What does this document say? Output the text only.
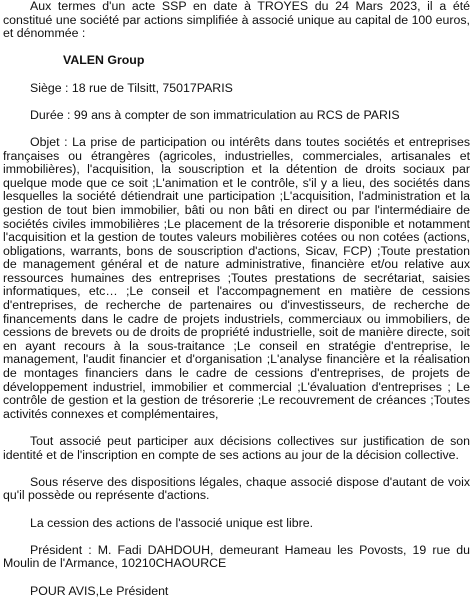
Aux termes d'un acte SSP en date à TROYES du 24 Mars 2023, il a été constitué une société par actions simplifiée à associé unique au capital de 100 euros, et dénommée :

VALEN Group

Siège : 18 rue de Tilsitt, 75017PARIS

Durée : 99 ans à compter de son immatriculation au RCS de PARIS

Objet : La prise de participation ou intérêts dans toutes sociétés et entreprises françaises ou étrangères (agricoles, industrielles, commerciales, artisanales et immobilières), l'acquisition, la souscription et la détention de droits sociaux par quelque mode que ce soit ;L'animation et le contrôle, s'il y a lieu, des sociétés dans lesquelles la société détiendrait une participation ;L'acquisition, l'administration et la gestion de tout bien immobilier, bâti ou non bâti en direct ou par l'intermédiaire de sociétés civiles immobilières ;Le placement de la trésorerie disponible et notamment l'acquisition et la gestion de toutes valeurs mobilières cotées ou non cotées (actions, obligations, warrants, bons de souscription d'actions, Sicav, FCP) ;Toute prestation de management général et de nature administrative, financière et/ou relative aux ressources humaines des entreprises ;Toutes prestations de secrétariat, saisies informatiques, etc… ;Le conseil et l'accompagnement en matière de cessions d'entreprises, de recherche de partenaires ou d'investisseurs, de recherche de financements dans le cadre de projets industriels, commerciaux ou immobiliers, de cessions de brevets ou de droits de propriété industrielle, soit de manière directe, soit en ayant recours à la sous-traitance ;Le conseil en stratégie d'entreprise, le management, l'audit financier et d'organisation ;L'analyse financière et la réalisation de montages financiers dans le cadre de cessions d'entreprises, de projets de développement industriel, immobilier et commercial ;L'évaluation d'entreprises ; Le contrôle de gestion et la gestion de trésorerie ;Le recouvrement de créances ;Toutes activités connexes et complémentaires,

Tout associé peut participer aux décisions collectives sur justification de son identité et de l'inscription en compte de ses actions au jour de la décision collective.

Sous réserve des dispositions légales, chaque associé dispose d'autant de voix qu'il possède ou représente d'actions.

La cession des actions de l'associé unique est libre.

Président : M. Fadi DAHDOUH, demeurant Hameau les Povosts, 19 rue du Moulin de l'Armance, 10210CHAOURCE

POUR AVIS,Le Président
